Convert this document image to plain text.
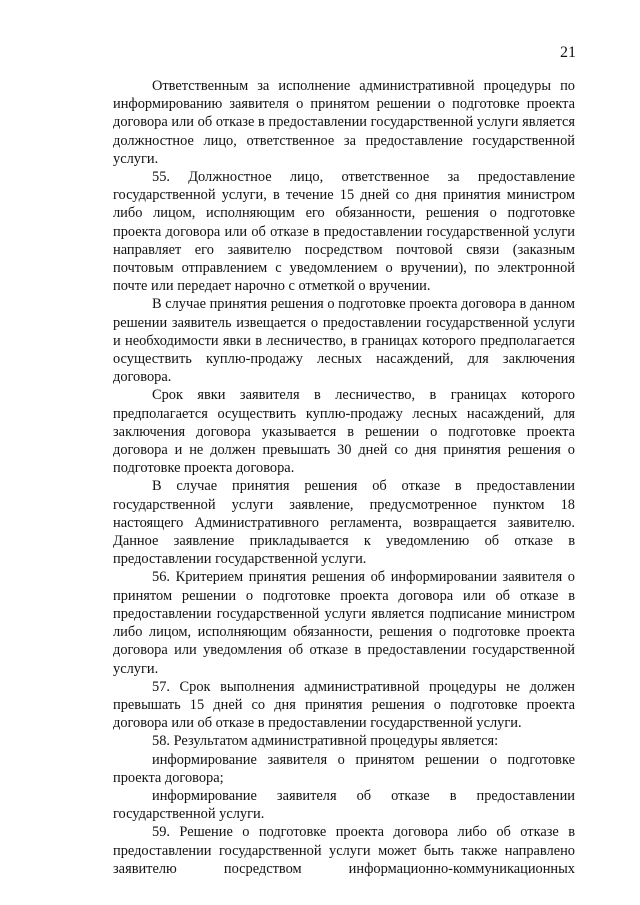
21

Ответственным за исполнение административной процедуры по информированию заявителя о принятом решении о подготовке проекта договора или об отказе в предоставлении государственной услуги является должностное лицо, ответственное за предоставление государственной услуги.

55. Должностное лицо, ответственное за предоставление государственной услуги, в течение 15 дней со дня принятия министром либо лицом, исполняющим его обязанности, решения о подготовке проекта договора или об отказе в предоставлении государственной услуги направляет его заявителю посредством почтовой связи (заказным почтовым отправлением с уведомлением о вручении), по электронной почте или передает нарочно с отметкой о вручении.

В случае принятия решения о подготовке проекта договора в данном решении заявитель извещается о предоставлении государственной услуги и необходимости явки в лесничество, в границах которого предполагается осуществить куплю-продажу лесных насаждений, для заключения договора.

Срок явки заявителя в лесничество, в границах которого предполагается осуществить куплю-продажу лесных насаждений, для заключения договора указывается в решении о подготовке проекта договора и не должен превышать 30 дней со дня принятия решения о подготовке проекта договора.

В случае принятия решения об отказе в предоставлении государственной услуги заявление, предусмотренное пунктом 18 настоящего Административного регламента, возвращается заявителю. Данное заявление прикладывается к уведомлению об отказе в предоставлении государственной услуги.

56. Критерием принятия решения об информировании заявителя о принятом решении о подготовке проекта договора или об отказе в предоставлении государственной услуги является подписание министром либо лицом, исполняющим обязанности, решения о подготовке проекта договора или уведомления об отказе в предоставлении государственной услуги.

57. Срок выполнения административной процедуры не должен превышать 15 дней со дня принятия решения о подготовке проекта договора или об отказе в предоставлении государственной услуги.

58. Результатом административной процедуры является:

информирование заявителя о принятом решении о подготовке проекта договора;

информирование заявителя об отказе в предоставлении государственной услуги.

59. Решение о подготовке проекта договора либо об отказе в предоставлении государственной услуги может быть также направлено заявителю посредством информационно-коммуникационных
